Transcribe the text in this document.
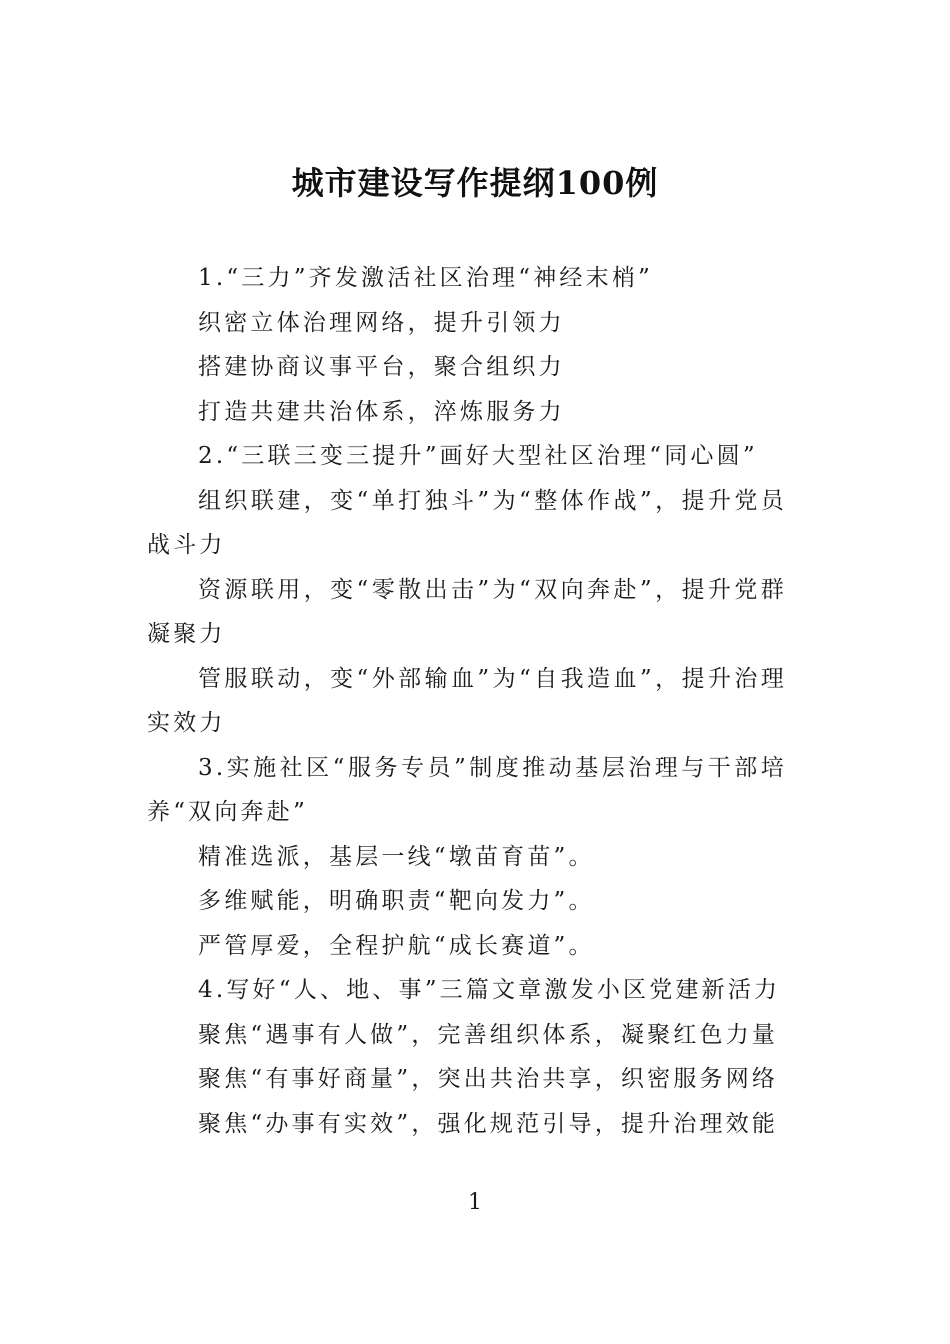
城市建设写作提纲100例

1.“三力”齐发激活社区治理“神经末梢”

织密立体治理网络，提升引领力

搭建协商议事平台，聚合组织力

打造共建共治体系，淬炼服务力

2.“三联三变三提升”画好大型社区治理“同心圆”

组织联建，变“单打独斗”为“整体作战”，提升党员战斗力

资源联用，变“零散出击”为“双向奔赴”，提升党群凝聚力

管服联动，变“外部输血”为“自我造血”，提升治理实效力

3.实施社区“服务专员”制度推动基层治理与干部培养“双向奔赴”

精准选派，基层一线“墩苗育苗”。

多维赋能，明确职责“靶向发力”。

严管厚爱，全程护航“成长赛道”。

4.写好“人、地、事”三篇文章激发小区党建新活力

聚焦“遇事有人做”，完善组织体系，凝聚红色力量

聚焦“有事好商量”，突出共治共享，织密服务网络

聚焦“办事有实效”，强化规范引导，提升治理效能

1
